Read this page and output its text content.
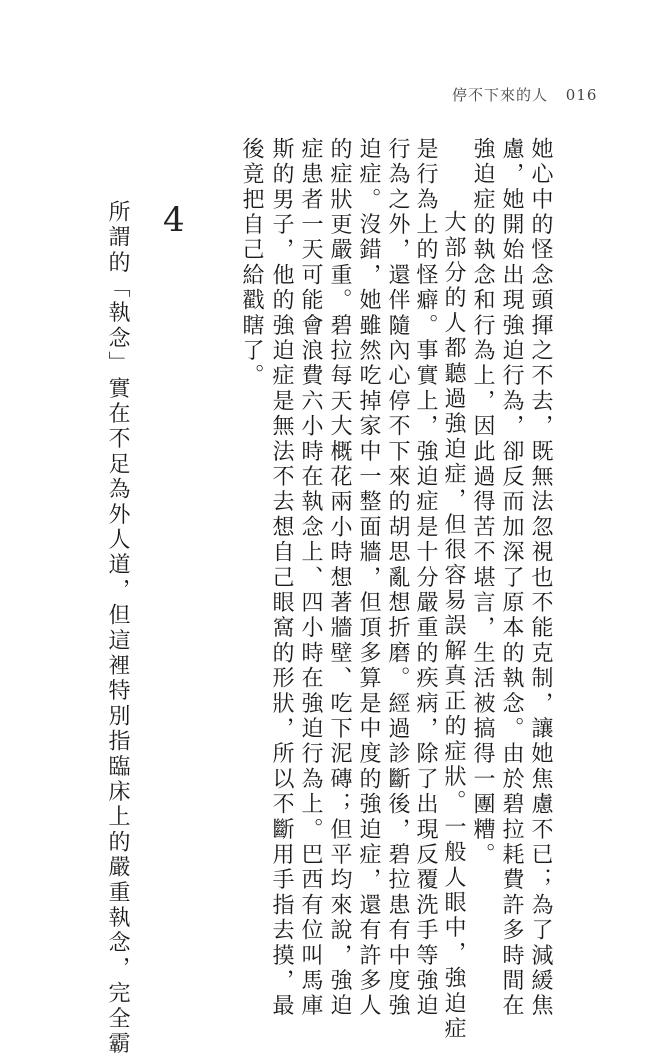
停不下來的人 016
她心中的怪念頭揮之不去，既無法忽視也不能克制，讓她焦慮不已；為了減緩焦
慮，她開始出現強迫行為，卻反而加深了原本的執念。由於碧拉耗費許多時間在
強迫症的執念和行為上，因此過得苦不堪言，生活被搞得一團糟。
　大部分的人都聽過強迫症，但很容易誤解真正的症狀。一般人眼中，強迫症
是行為上的怪癖。事實上，強迫症是十分嚴重的疾病，除了出現反覆洗手等強迫
行為之外，還伴隨內心停不下來的胡思亂想折磨。經過診斷後，碧拉患有中度強
迫症。沒錯，她雖然吃掉家中一整面牆，但頂多算是中度的強迫症，還有許多人
的症狀更嚴重。碧拉每天大概花兩小時想著牆壁、吃下泥磚；但平均來說，強迫
症患者一天可能會浪費六小時在執念上、四小時在強迫行為上。巴西有位叫馬庫
斯的男子，他的強迫症是無法不去想自己眼窩的形狀，所以不斷用手指去摸，最
後竟把自己給戳瞎了。
4
所謂的「執念」實在不足為外人道，但這裡特別指臨床上的嚴重執念，完全霸
